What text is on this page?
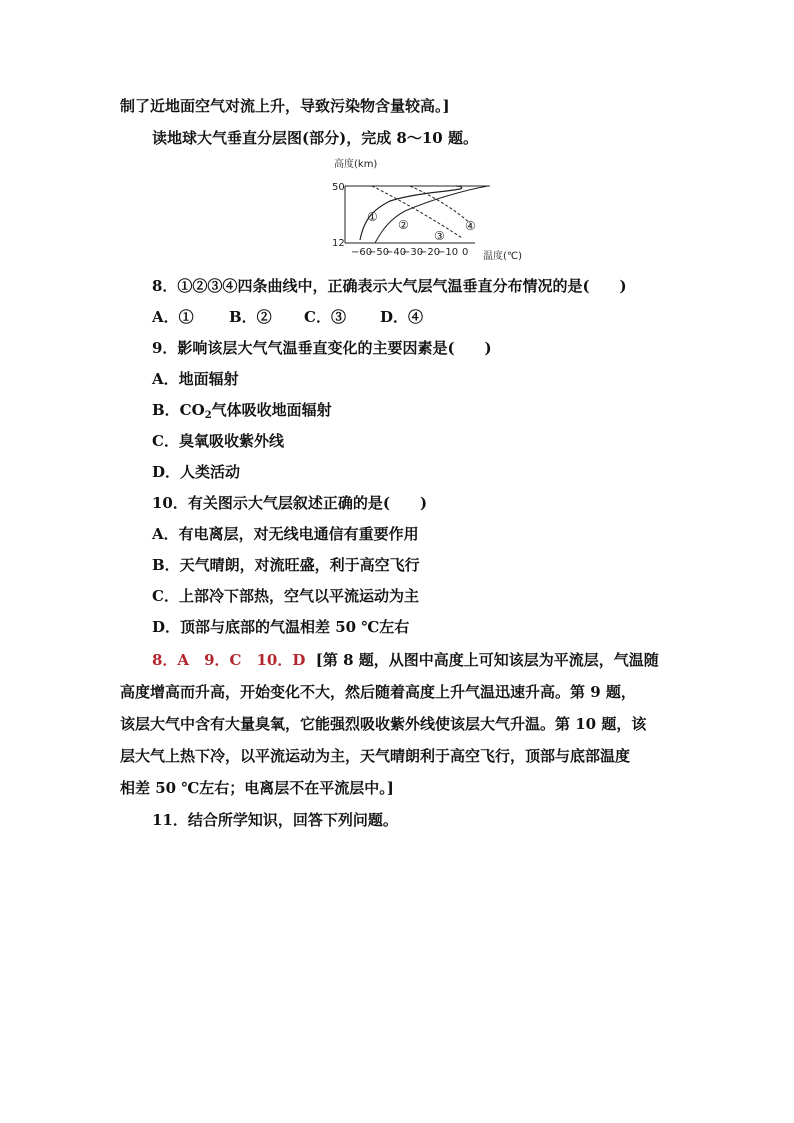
制了近地面空气对流上升，导致污染物含量较高。]
读地球大气垂直分层图(部分)，完成 8～10 题。
高度(km)
50
12
①
②
③
④
−60
−50
−40
−30
−20
−10 0 温度(℃)
8．①②③④四条曲线中，正确表示大气层气温垂直分布情况的是(　　)
A．① B．② C．③ D．④
9．影响该层大气气温垂直变化的主要因素是(　　)
A．地面辐射
B．$CO_2$气体吸收地面辐射
C．臭氧吸收紫外线
D．人类活动
10．有关图示大气层叙述正确的是(　　)
A．有电离层，对无线电通信有重要作用
B．天气晴朗，对流旺盛，利于高空飞行
C．上部冷下部热，空气以平流运动为主
D．顶部与底部的气温相差 50 ℃左右
8．A　9．C　10．D [第 8 题，从图中高度上可知该层为平流层，气温随
高度增高而升高，开始变化不大，然后随着高度上升气温迅速升高。第 9 题，
该层大气中含有大量臭氧，它能强烈吸收紫外线使该层大气升温。第 10 题，该
层大气上热下冷，以平流运动为主，天气晴朗利于高空飞行，顶部与底部温度
相差 50 ℃左右；电离层不在平流层中。]
11．结合所学知识，回答下列问题。
